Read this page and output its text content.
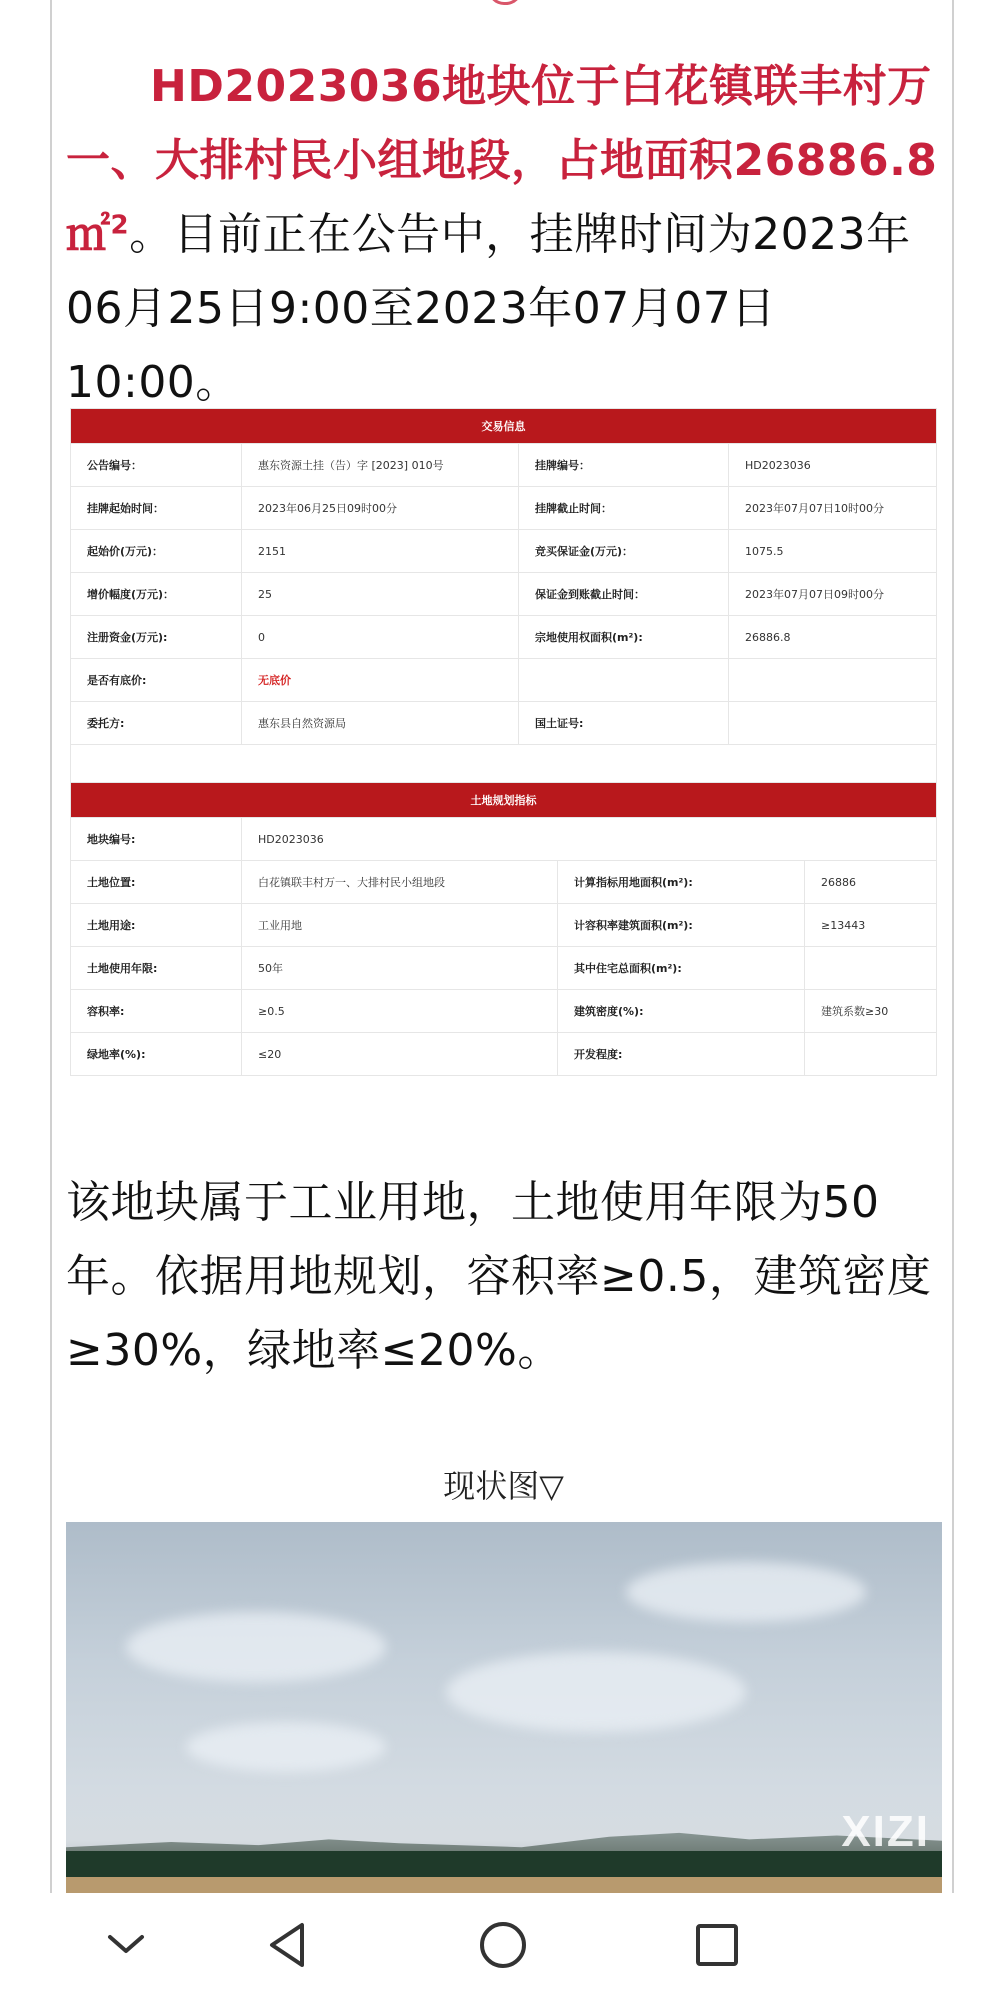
HD2023036地块位于白花镇联丰村万一、大排村民小组地段，占地面积26886.8㎡$^2$。目前正在公告中，挂牌时间为2023年06月25日9:00至2023年07月07日10:00。
交易信息			
公告编号：	惠东资源土挂（告）字 [2023] 010号	挂牌编号：	HD2023036
挂牌起始时间：	2023年06月25日09时00分	挂牌截止时间：	2023年07月07日10时00分
起始价(万元)：	2151	竞买保证金(万元)：	1075.5
增价幅度(万元)：	25	保证金到账截止时间：	2023年07月07日09时00分
注册资金(万元):	0	宗地使用权面积(m²):	26886.8
是否有底价:	无底价		
委托方:	惠东县自然资源局	国土证号:	

土地规划指标			
地块编号:	HD2023036		
土地位置:	白花镇联丰村万一、大排村民小组地段	计算指标用地面积(m²):	26886
土地用途:	工业用地	计容积率建筑面积(m²):	≥13443
土地使用年限:	50年	其中住宅总面积(m²):	
容积率:	≥0.5	建筑密度(%):	建筑系数≥30
绿地率(%):	≤20	开发程度:	
该地块属于工业用地，土地使用年限为50年。依据用地规划，容积率≥0.5，建筑密度≥30%，绿地率≤20%。
现状图▽
XIZI
